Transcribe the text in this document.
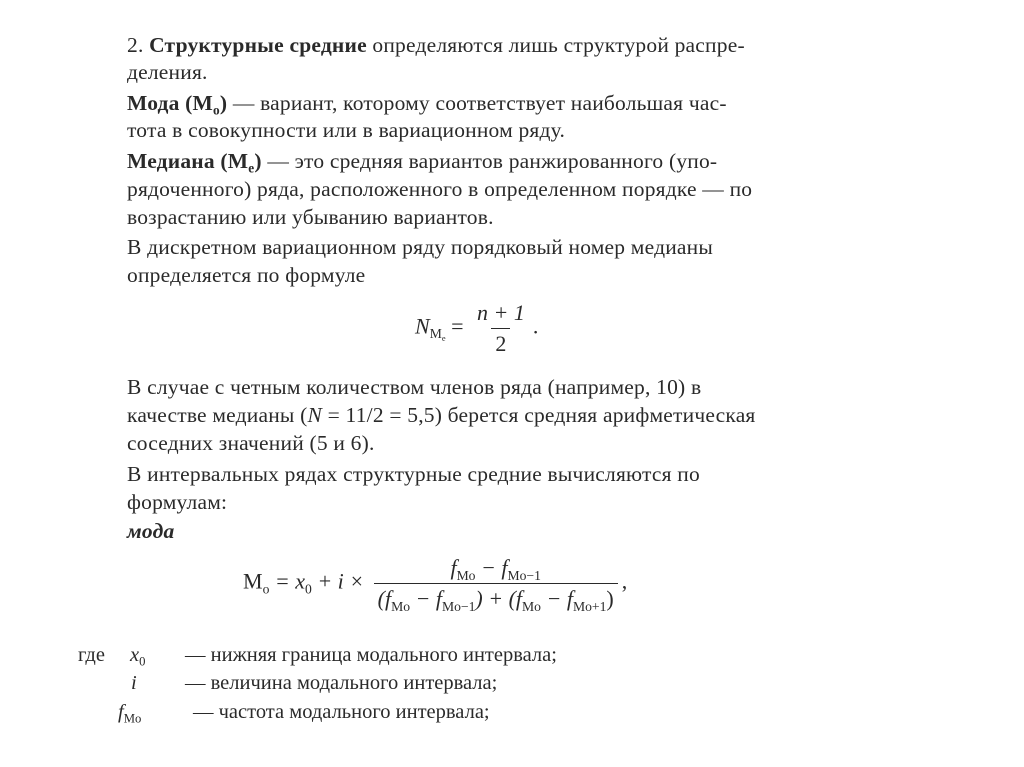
2. Структурные средние определяются лишь структурой распре-
деления.
Мода $(М_о)$ — вариант, которому соответствует наибольшая час-
тота в совокупности или в вариационном ряду.
Медиана $(М_е)$ — это средняя вариантов ранжированного (упо-
рядоченного) ряда, расположенного в определенном порядке — по
возрастанию или убыванию вариантов.
В дискретном вариационном ряду порядковый номер медианы
определяется по формуле
$N_{M_e} = \frac{n + 1}{2}$ .
В случае с четным количеством членов ряда (например, 10) в
качестве медианы (N = 11/2 = 5,5) берется средняя арифметическая
соседних значений (5 и 6).
В интервальных рядах структурные средние вычисляются по
формулам:
мода
$M_o = x_0 + i \times \frac{f_{Mo} - f_{Mo-1}}{(f_{Mo} - f_{Mo-1}) + (f_{Mo} - f_{Mo+1})}$ ,
где $x_0$ — нижняя граница модального интервала;
i — величина модального интервала;
$f_{Mo}$	— частота модального интервала;
